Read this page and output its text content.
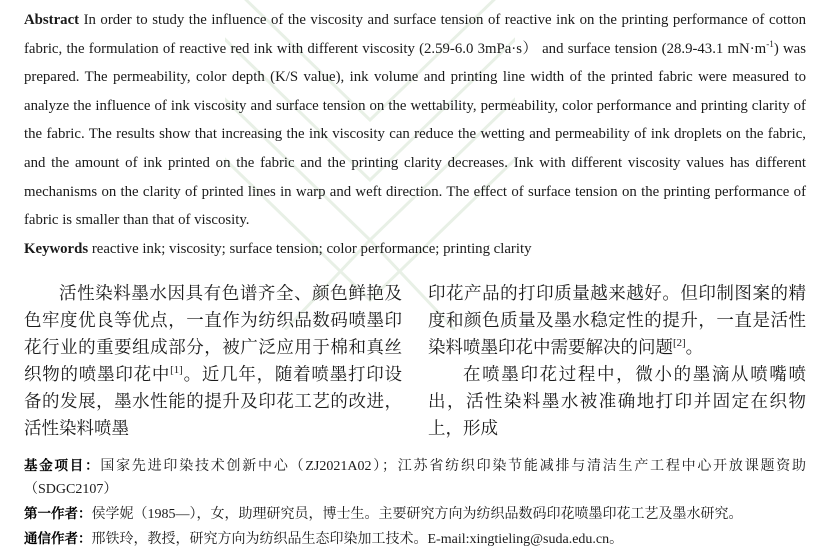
Abstract In order to study the influence of the viscosity and surface tension of reactive ink on the printing performance of cotton fabric, the formulation of reactive red ink with different viscosity (2.59-6.0 3mPa·s） and surface tension (28.9-43.1 mN·m$^{-1}$) was prepared. The permeability, color depth (K/S value), ink volume and printing line width of the printed fabric were measured to analyze the influence of ink viscosity and surface tension on the wettability, permeability, color performance and printing clarity of the fabric. The results show that increasing the ink viscosity can reduce the wetting and permeability of ink droplets on the fabric, and the amount of ink printed on the fabric and the printing clarity decreases. Ink with different viscosity values has different mechanisms on the clarity of printed lines in warp and weft direction. The effect of surface tension on the printing performance of fabric is smaller than that of viscosity.

Keywords reactive ink; viscosity; surface tension; color performance; printing clarity

活性染料墨水因具有色谱齐全、颜色鲜艳及色牢度优良等优点，一直作为纺织品数码喷墨印花行业的重要组成部分，被广泛应用于棉和真丝织物的喷墨印花中[1]。近几年，随着喷墨打印设备的发展，墨水性能的提升及印花工艺的改进，活性染料喷墨

印花产品的打印质量越来越好。但印制图案的精度和颜色质量及墨水稳定性的提升，一直是活性染料喷墨印花中需要解决的问题[2]。

在喷墨印花过程中，微小的墨滴从喷嘴喷出，活性染料墨水被准确地打印并固定在织物上，形成

基金项目：国家先进印染技术创新中心（ZJ2021A02）；江苏省纺织印染节能减排与清洁生产工程中心开放课题资助（SDGC2107）

第一作者：侯学妮（1985—），女，助理研究员，博士生。主要研究方向为纺织品数码印花喷墨印花工艺及墨水研究。

通信作者：邢铁玲，教授，研究方向为纺织品生态印染加工技术。E-mail:xingtieling@suda.edu.cn。
